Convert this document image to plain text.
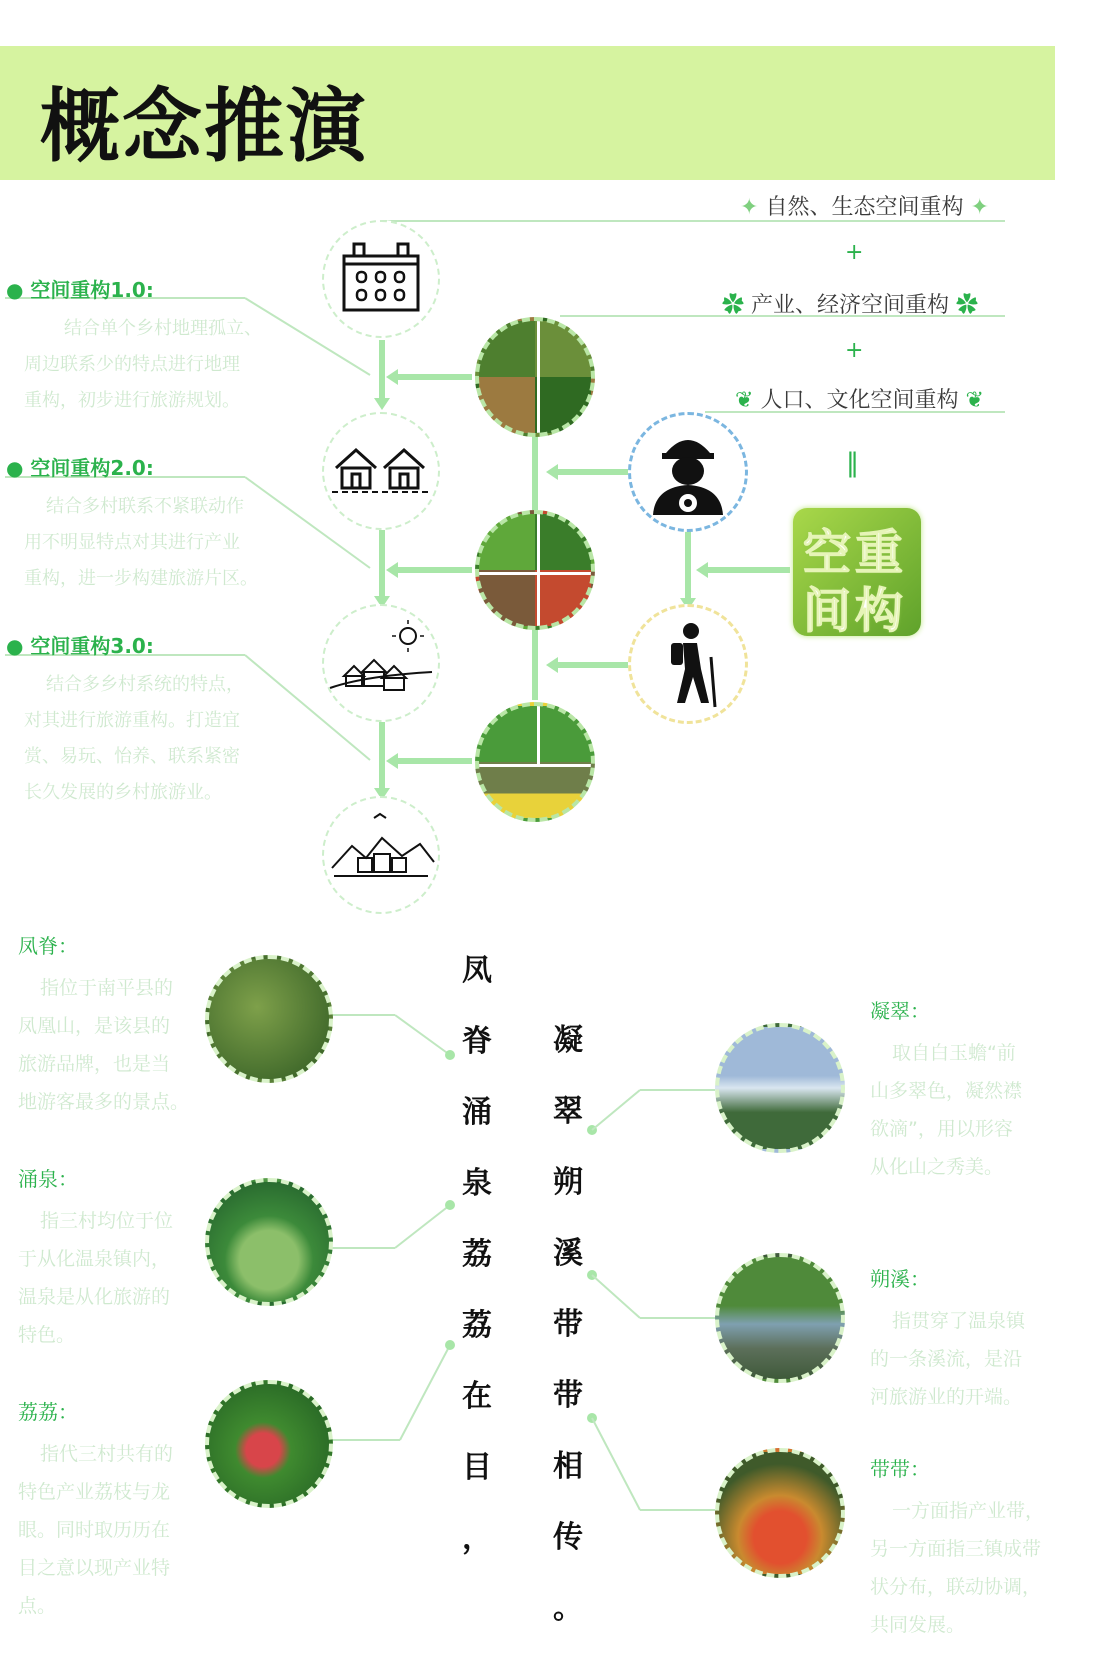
概念推演
✦ 自然、生态空间重构 ✦
+
✿ 产业、经济空间重构 ✿
+
❦ 人口、文化空间重构 ❦
‖
空重
间构
● 空间重构1.0:
结合单个乡村地理孤立、
周边联系少的特点进行地理
重构，初步进行旅游规划。
● 空间重构2.0:
结合多村联系不紧联动作
用不明显特点对其进行产业
重构，进一步构建旅游片区。
● 空间重构3.0:
结合多乡村系统的特点，
对其进行旅游重构。打造宜
赏、易玩、怡养、联系紧密
长久发展的乡村旅游业。
凤
脊
涌
泉
荔
荔
在
目
，
凝
翠
朔
溪
带
带
相
传
。
凤脊：
指位于南平县的
凤凰山，是该县的
旅游品牌，也是当
地游客最多的景点。
涌泉：
指三村均位于位
于从化温泉镇内，
温泉是从化旅游的
特色。
荔荔：
指代三村共有的
特色产业荔枝与龙
眼。同时取历历在
目之意以现产业特
点。
凝翠：
取自白玉蟾“前
山多翠色，凝然襟
欲滴”，用以形容
从化山之秀美。
朔溪：
指贯穿了温泉镇
的一条溪流，是沿
河旅游业的开端。
带带：
一方面指产业带，
另一方面指三镇成带
状分布，联动协调，
共同发展。
